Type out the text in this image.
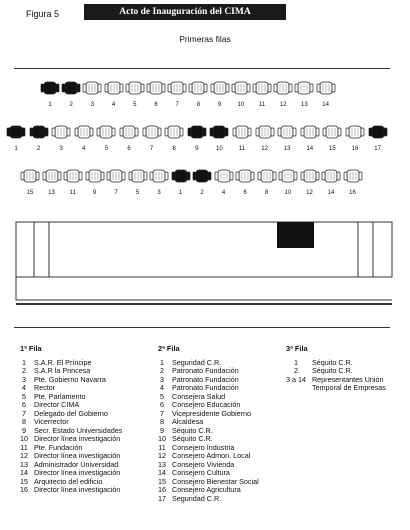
Figura 5	Acto de Inauguración del CIMA
Primeras filas
1	2	3	4	5	6	7	8	9	10	11	12	13	14
1	2	3	4	5	6	7	8	9	10	11	12	13	14	15	16	17
15	13	11	9	7	5	3	1	2	4	6	8	10	12	14	16
1ª Fila
1	S.A.R. El Príncipe
2	S.A.R la Princesa
3	Pte. Gobierno Navarra
4	Rector
5	Pte. Parlamento
6	Director CIMA
7	Delegado del Gobierno
8	Vicerrector
9	Secr. Estado Universidades
10	Director línea investigación
11	Pte. Fundación
12	Director línea investigación
13	Administrador Universidad
14	Director línea investigación
15	Arquitecto del edificio
16	Director línea investigación
2ª Fila
1	Seguridad C.R.
2	Patronato Fundación
3	Patronato Fundación
4	Patronato Fundación
5	Consejera Salud
6	Consejero Educación
7	Vicepresidente Gobierno
8	Alcaldesa
9	Séquito C.R.
10	Séquito C.R.
11	Consejero Industria
12	Consejero Admon. Local
13	Consejero Vivienda
14	Consejero Cultura
15	Consejero Bienestar Social
16	Consejero Agricultura
17	Seguridad C.R.
3ª Fila
1	Séquito C.R.
2	Séquito C.R.
3 a 14	Representantes Unión Temporal de Empresas
